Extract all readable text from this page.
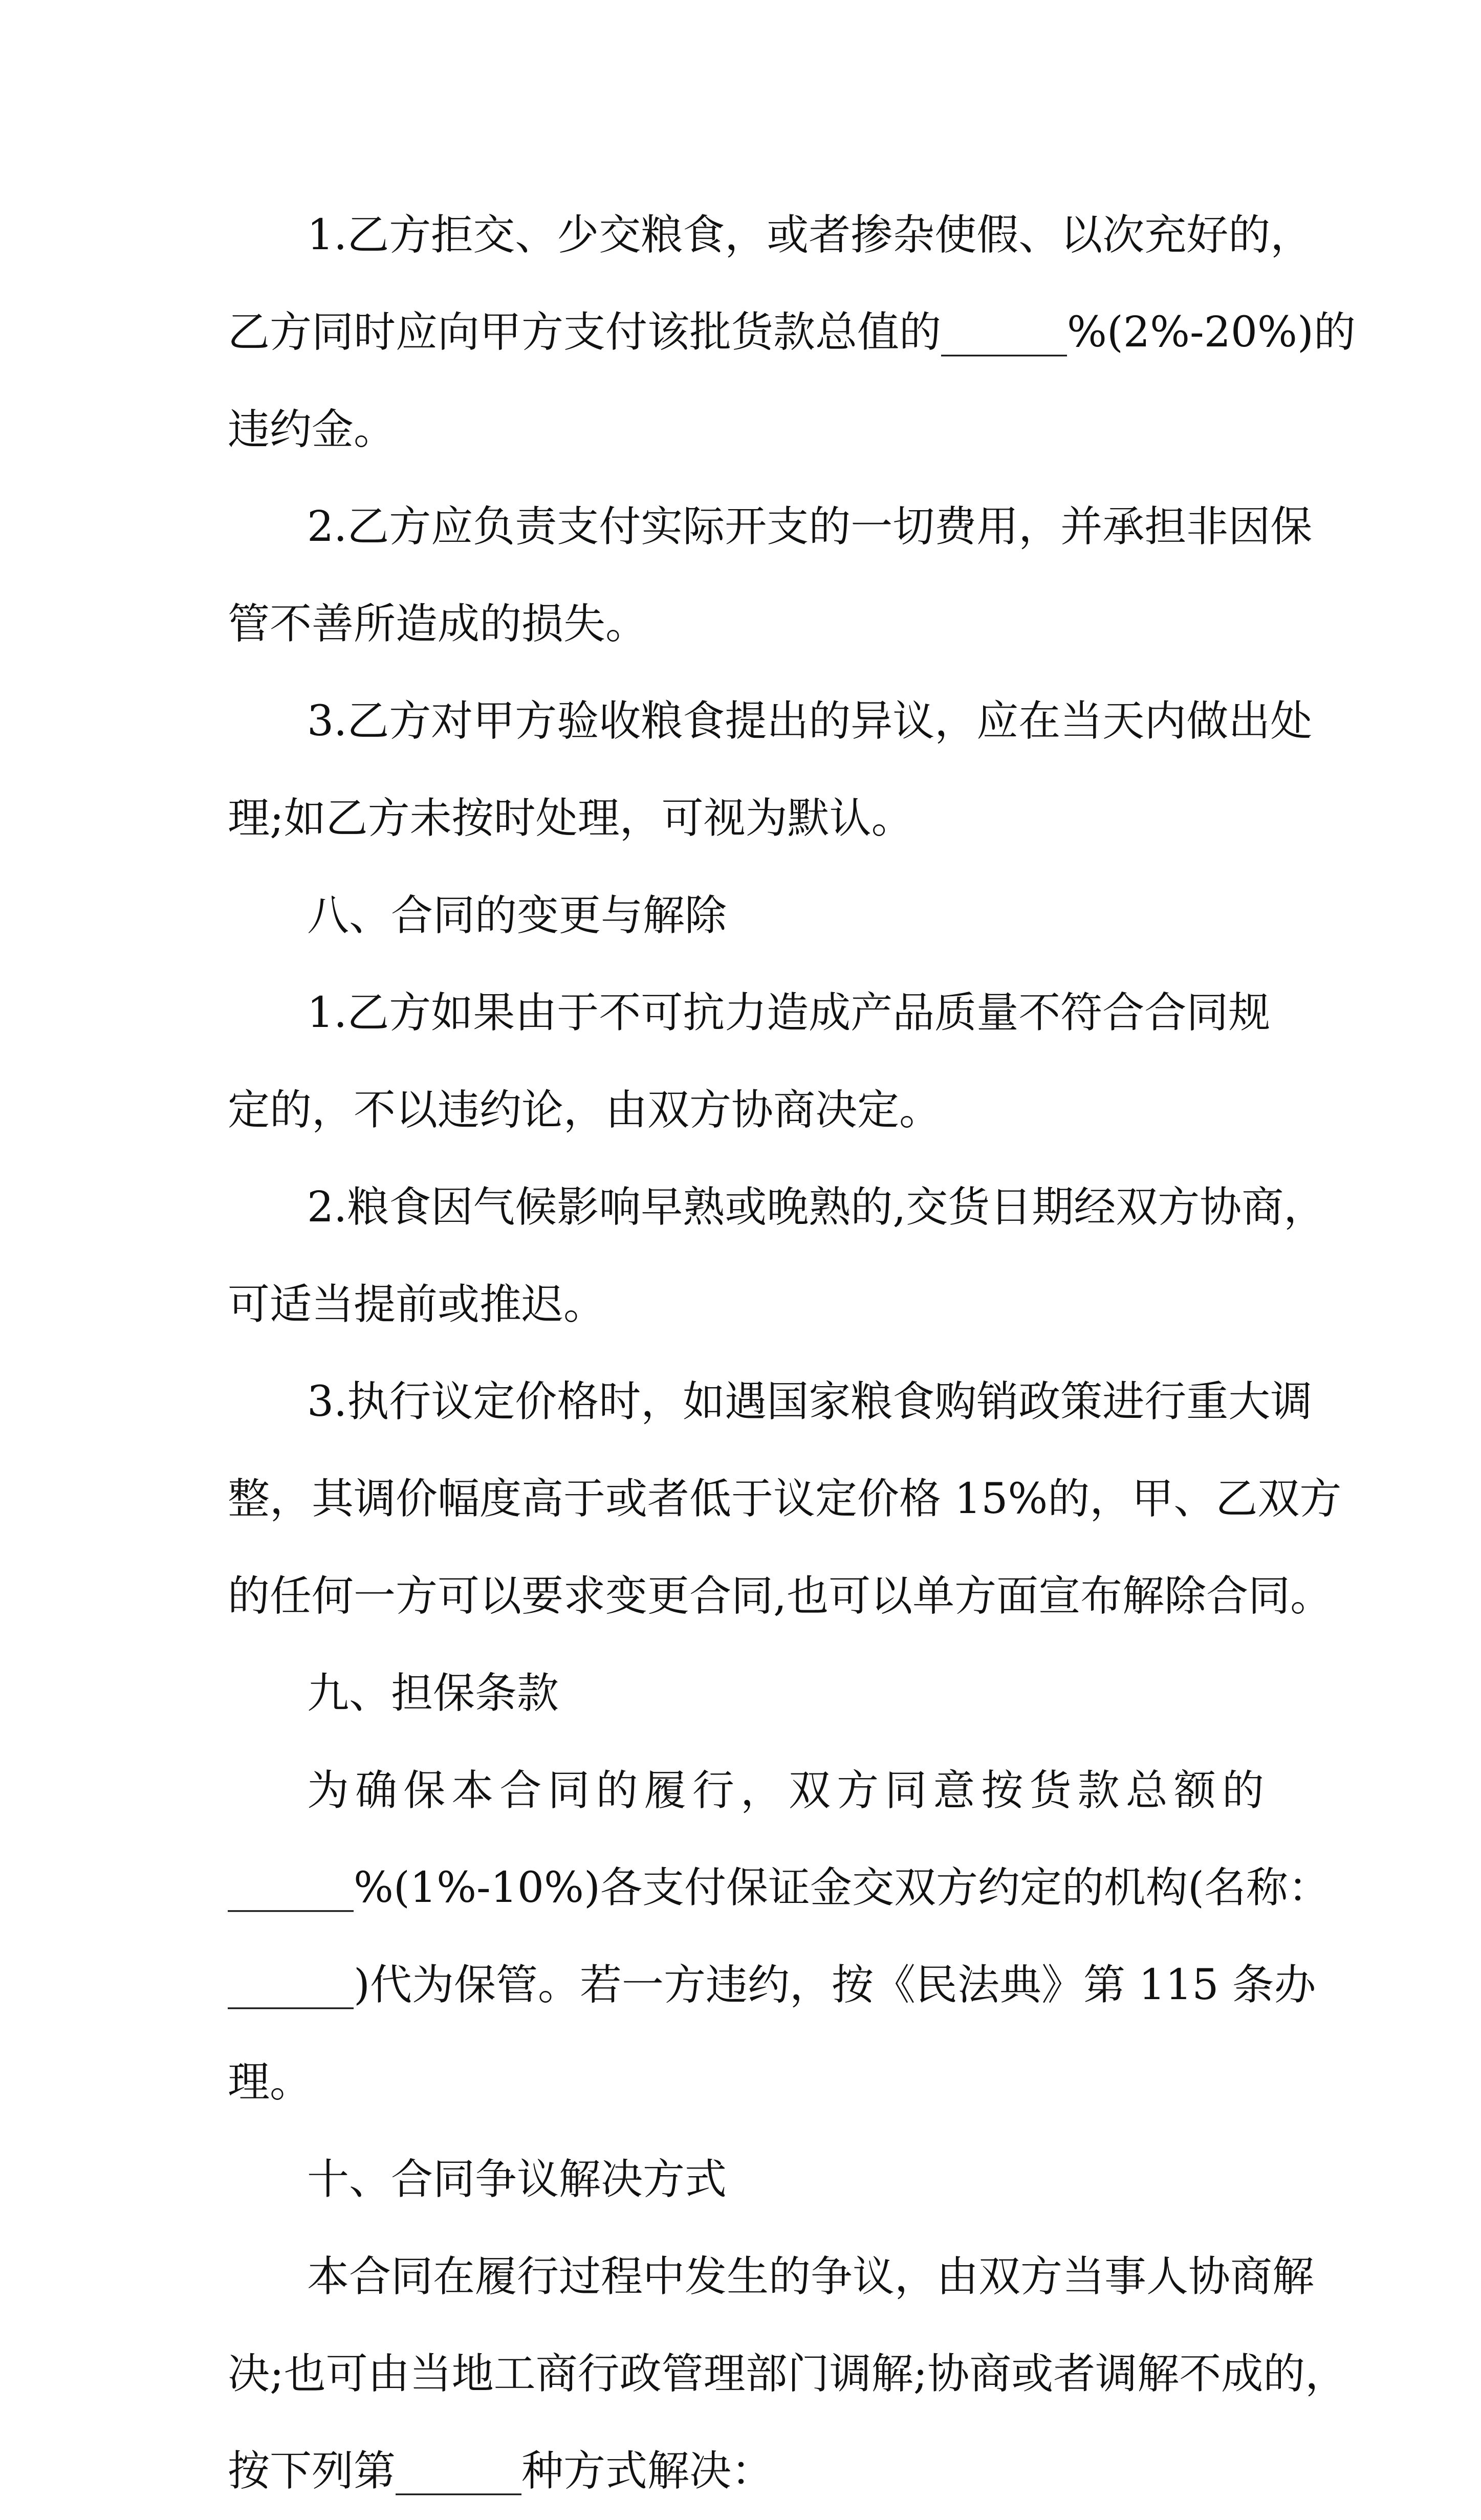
1.乙方拒交、少交粮食，或者掺杂使假、以次充好的，
乙方同时应向甲方支付该批货款总值的______%(2%-20%)的
违约金。
2.乙方应负责支付实际开支的一切费用，并承担非因保
管不善所造成的损失。
3.乙方对甲方验收粮食提出的异议，应在当天内做出处
理;如乙方未按时处理，可视为默认。
八、合同的变更与解除
1.乙方如果由于不可抗力造成产品质量不符合合同规
定的，不以违约论，由双方协商决定。
2.粮食因气候影响早熟或晚熟的,交货日期经双方协商，
可适当提前或推迟。
3.执行议定价格时，如遇国家粮食购销政策进行重大调
整，其调价幅度高于或者低于议定价格 15%的，甲、乙双方
的任何一方可以要求变更合同,也可以单方面宣布解除合同。
九、担保条款
为确保本合同的履行，双方同意按货款总额的
______%(1%-10%)各支付保证金交双方约定的机构(名称：
______)代为保管。若一方违约，按《民法典》第 115 条办
理。
十、合同争议解决方式
本合同在履行过程中发生的争议，由双方当事人协商解
决;也可由当地工商行政管理部门调解;协商或者调解不成的，
按下列第______种方式解决：
